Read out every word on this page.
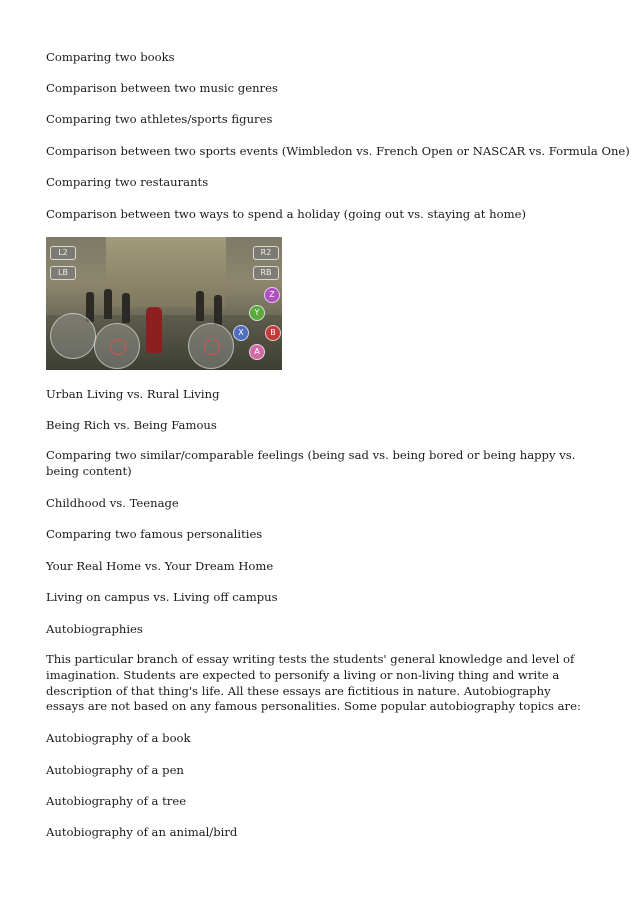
Comparing two books
Comparison between two music genres
Comparing two athletes/sports figures
Comparison between two sports events (Wimbledon vs. French Open or NASCAR vs. Formula One)
Comparing two restaurants
Comparison between two ways to spend a holiday (going out vs. staying at home)
L2
LB
R2
RB
Z
Y
X	B
A
Urban Living vs. Rural Living
Being Rich vs. Being Famous
Comparing two similar/comparable feelings (being sad vs. being bored or being happy vs. being content)
Childhood vs. Teenage
Comparing two famous personalities
Your Real Home vs. Your Dream Home
Living on campus vs. Living off campus
Autobiographies
This particular branch of essay writing tests the students' general knowledge and level of imagination. Students are expected to personify a living or non-living thing and write a description of that thing's life. All these essays are fictitious in nature. Autobiography essays are not based on any famous personalities. Some popular autobiography topics are:
Autobiography of a book
Autobiography of a pen
Autobiography of a tree
Autobiography of an animal/bird
